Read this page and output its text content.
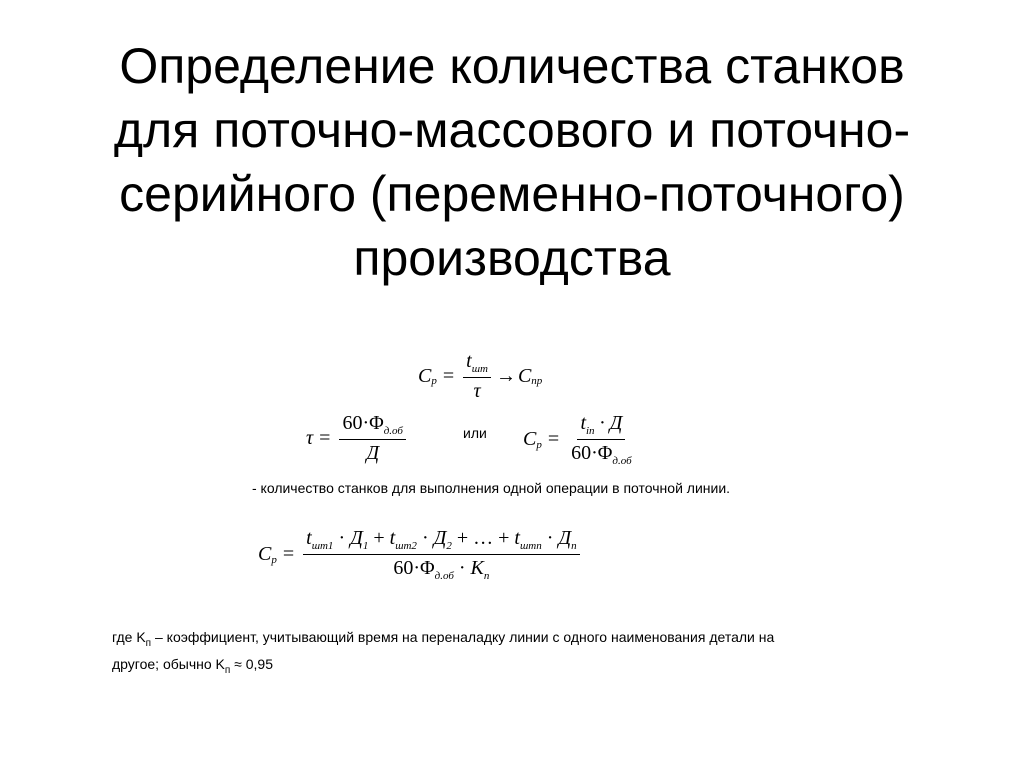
Определение количества станков
для поточно-массового и поточно-
серийного (переменно-поточного)
производства
C $p = \frac{t_{шт}}{\tau} \to C$ пр
$\tau = \frac{60\cdot\Phi_{д.об}}{Д}$	или C $p = \frac{t_{in} \cdot Д}{60\cdot\Phi_{д.об}}$
- количество станков для выполнения одной операции в поточной линии.
C p =
$t_{шт1} \cdot Д_1 + t_{шт2} \cdot Д_2$ + … + $t_{штn} \cdot Д_n$
$60\cdot\Phi_{д.об} \cdot K_п$
где $K_п$ – коэффициент, учитывающий время на переналадку линии с одного наименования детали на
другое; обычно $K_п \approx 0,95$
